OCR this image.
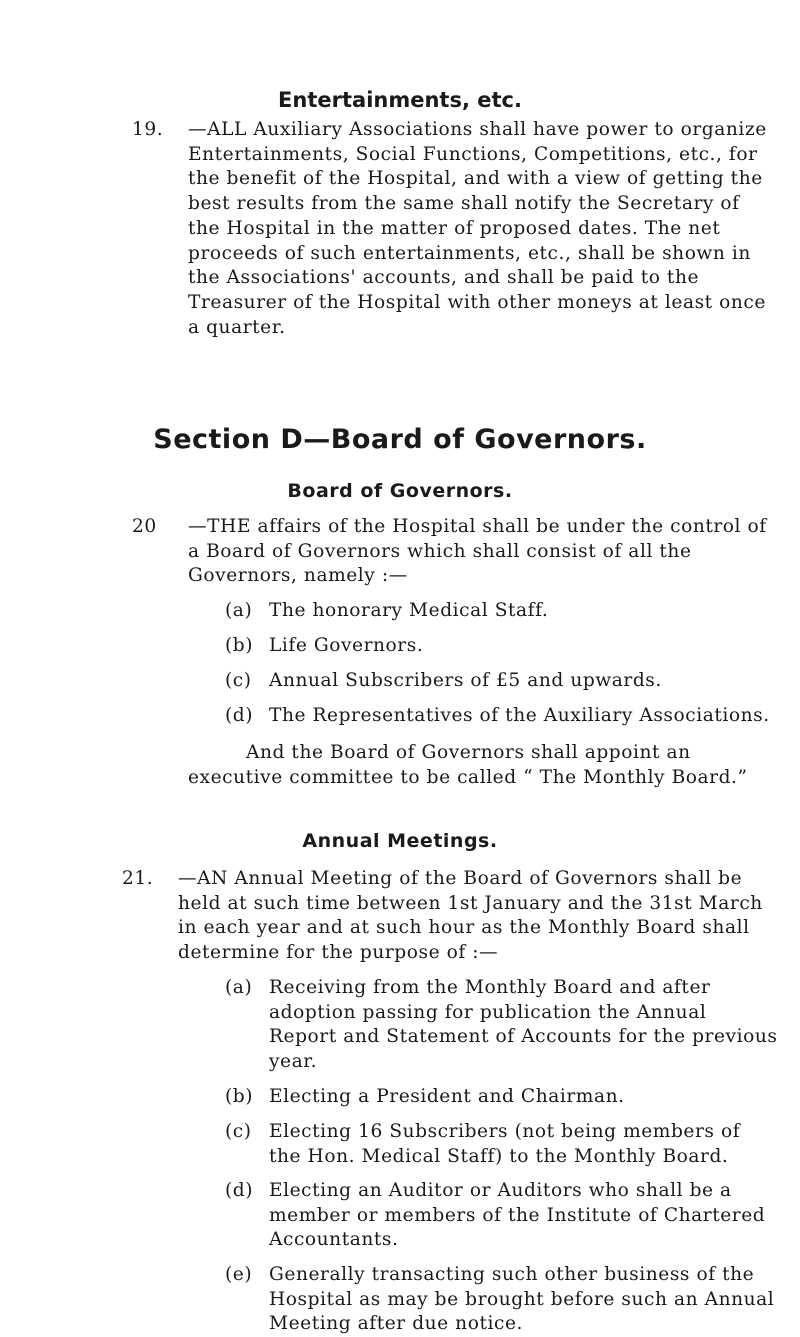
Entertainments, etc.

19. —ALL Auxiliary Associations shall have power to organize Entertainments, Social Functions, Competitions, etc., for the benefit of the Hospital, and with a view of getting the best results from the same shall notify the Secretary of the Hospital in the matter of proposed dates. The net proceeds of such entertainments, etc., shall be shown in the Associations' accounts, and shall be paid to the Treasurer of the Hospital with other moneys at least once a quarter.

Section D—Board of Governors.
Board of Governors.

20 —THE affairs of the Hospital shall be under the control of a Board of Governors which shall consist of all the Governors, namely :—

(a) The honorary Medical Staff.

(b) Life Governors.

(c) Annual Subscribers of £5 and upwards.

(d) The Representatives of the Auxiliary Associations.

And the Board of Governors shall appoint an executive committee to be called “ The Monthly Board.”

Annual Meetings.

21. —AN Annual Meeting of the Board of Governors shall be held at such time between 1st January and the 31st March in each year and at such hour as the Monthly Board shall determine for the purpose of :—

(a) Receiving from the Monthly Board and after adoption passing for publication the Annual Report and Statement of Accounts for the previous year.

(b) Electing a President and Chairman.

(c) Electing 16 Subscribers (not being members of the Hon. Medical Staff) to the Monthly Board.

(d) Electing an Auditor or Auditors who shall be a member or members of the Institute of Chartered Accountants.

(e) Generally transacting such other business of the Hospital as may be brought before such an Annual Meeting after due notice.
